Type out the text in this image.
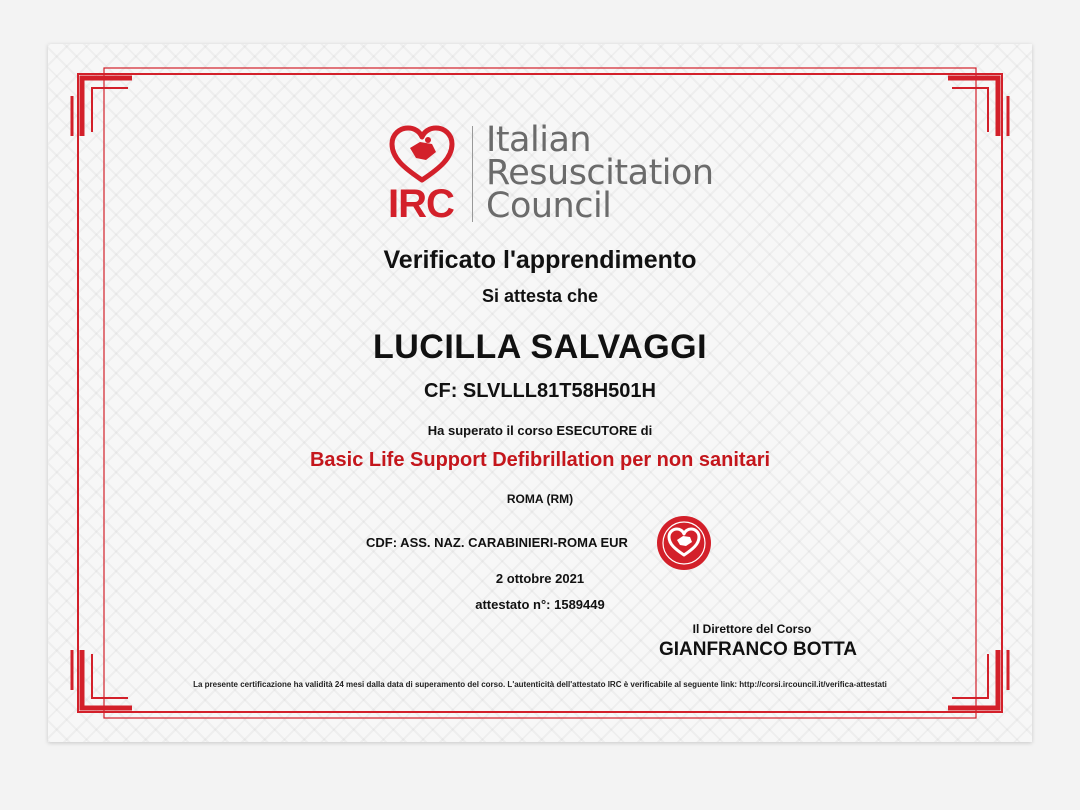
IRC
Italian
Resuscitation
Council
Verificato l'apprendimento
Si attesta che
LUCILLA SALVAGGI
CF: SLVLLL81T58H501H
Ha superato il corso ESECUTORE di
Basic Life Support Defibrillation per non sanitari
ROMA (RM)
CDF: ASS. NAZ. CARABINIERI-ROMA EUR
2 ottobre 2021
attestato n°: 1589449
Il Direttore del Corso
GIANFRANCO BOTTA
La presente certificazione ha validità 24 mesi dalla data di superamento del corso. L'autenticità dell'attestato IRC è verificabile al seguente link: http://corsi.ircouncil.it/verifica-attestati
